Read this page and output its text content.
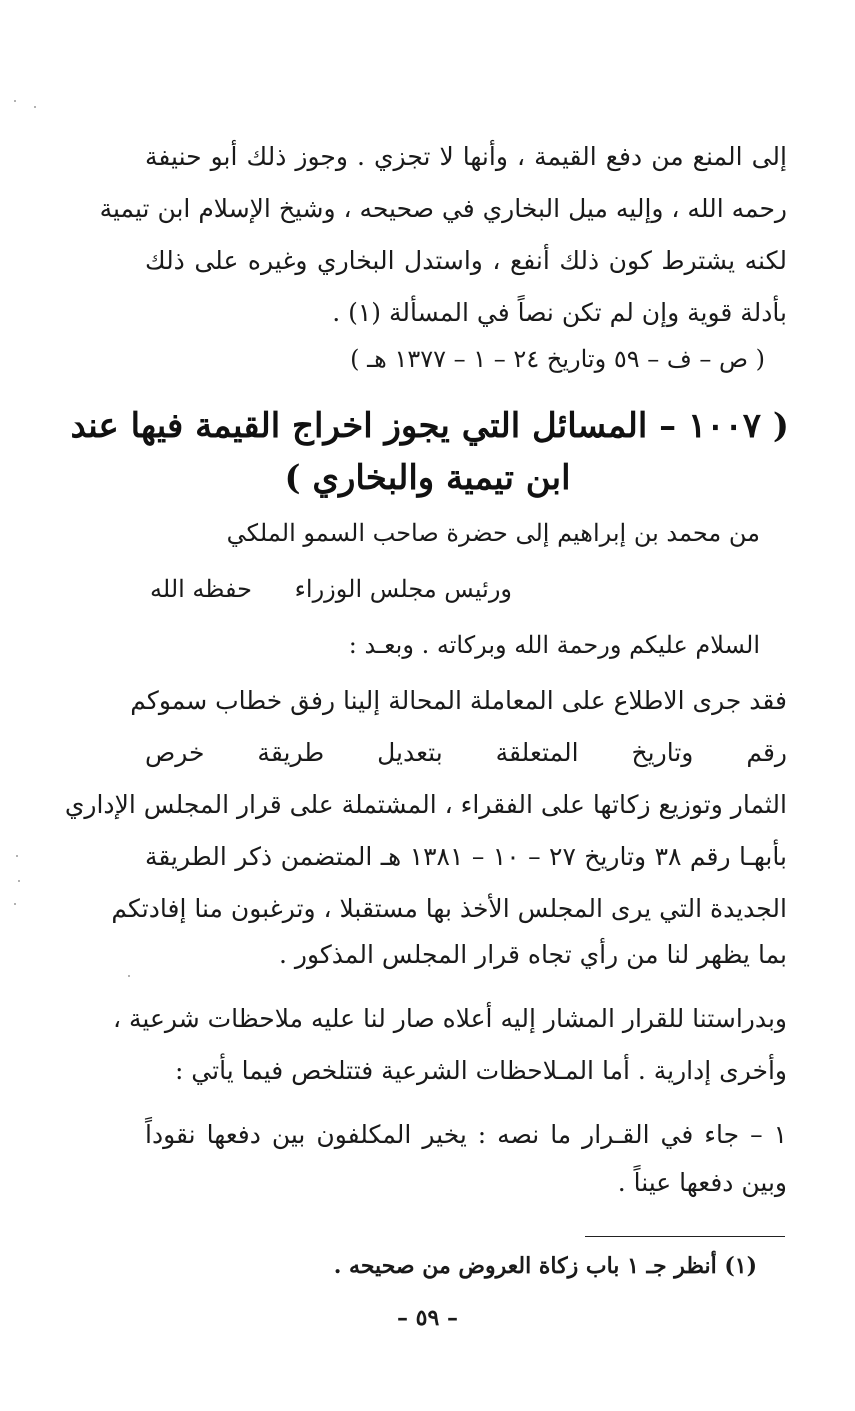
إلى المنع من دفع القيمة ، وأنها لا تجزي . وجوز ذلك أبو حنيفة
رحمه الله ، وإليه ميل البخاري في صحيحه ، وشيخ الإسلام ابن تيمية
لكنه يشترط كون ذلك أنفع ، واستدل البخاري وغيره على ذلك
بأدلة قوية وإن لم تكن نصاً في المسألة (١) .
( ص – ف – ٥٩ وتاريخ ٢٤ – ١ – ١٣٧٧ هـ )
( ١٠٠٧ – المسائل التي يجوز اخراج القيمة فيها عند
ابن تيمية والبخاري )
من محمد بن إبراهيم إلى حضرة صاحب السمو الملكي
ورئيس مجلس الوزراء
حفظه الله
السلام عليكم ورحمة الله وبركاته . وبعـد :
فقد جرى الاطلاع على المعاملة المحالة إلينا رفق خطاب سموكم
رقم وتاريخ المتعلقة بتعديل طريقة خرص
الثمار وتوزيع زكاتها على الفقراء ، المشتملة على قرار المجلس الإداري
بأبهـا رقم ٣٨ وتاريخ ٢٧ – ١٠ – ١٣٨١ هـ المتضمن ذكر الطريقة
الجديدة التي يرى المجلس الأخذ بها مستقبلا ، وترغبون منا إفادتكم
بما يظهر لنا من رأي تجاه قرار المجلس المذكور .
وبدراستنا للقرار المشار إليه أعلاه صار لنا عليه ملاحظات شرعية ،
وأخرى إدارية . أما المـلاحظات الشرعية فتتلخص فيما يأتي :
١ – جاء في القـرار ما نصه : يخير المكلفون بين دفعها نقوداً
وبين دفعها عيناً .
(١) أنظر جـ ١ باب زكاة العروض من صحيحه .
– ٥٩ –
